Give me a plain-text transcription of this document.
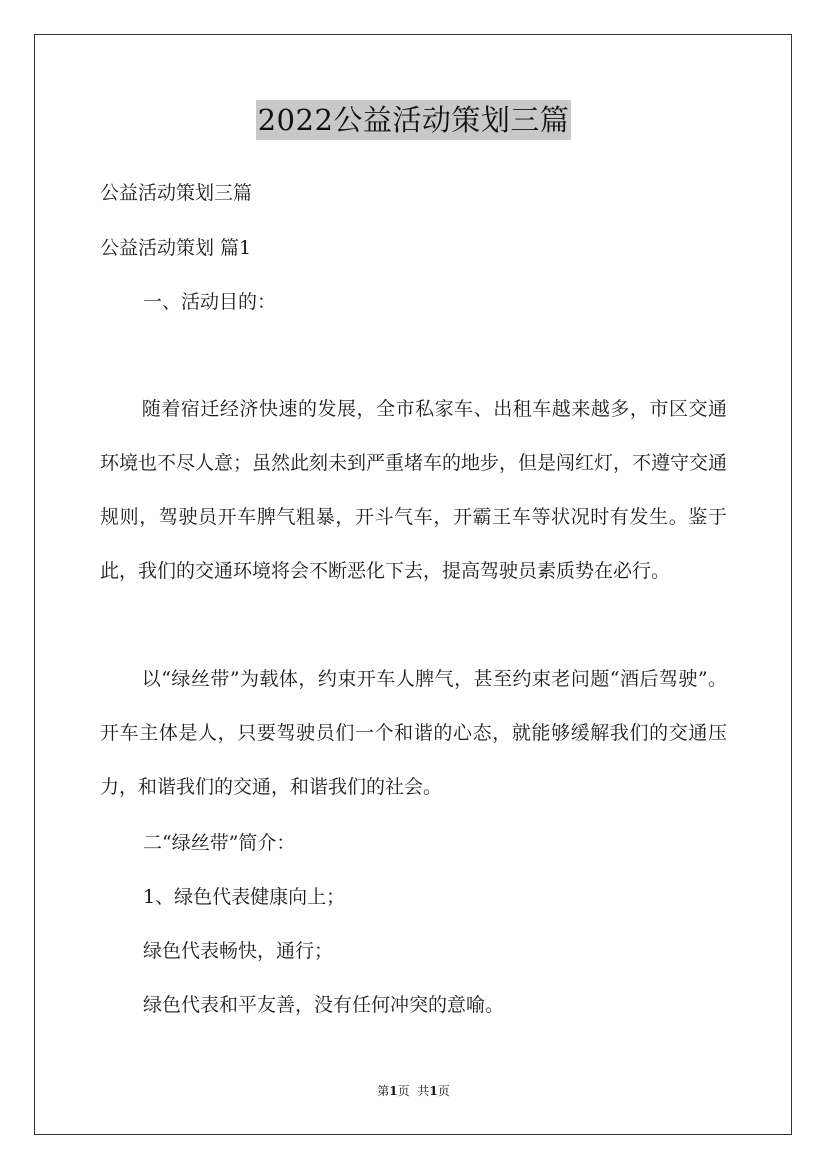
2022公益活动策划三篇
公益活动策划三篇
公益活动策划 篇1
一、活动目的：
随着宿迁经济快速的发展，全市私家车、出租车越来越多，市区交通环境也不尽人意；虽然此刻未到严重堵车的地步，但是闯红灯，不遵守交通规则，驾驶员开车脾气粗暴，开斗气车，开霸王车等状况时有发生。鉴于此，我们的交通环境将会不断恶化下去，提高驾驶员素质势在必行。
以“绿丝带”为载体，约束开车人脾气，甚至约束老问题“酒后驾驶”。开车主体是人，只要驾驶员们一个和谐的心态，就能够缓解我们的交通压力，和谐我们的交通，和谐我们的社会。
二“绿丝带”简介：
1、绿色代表健康向上；
绿色代表畅快，通行；
绿色代表和平友善，没有任何冲突的意喻。
第1页 共1页
